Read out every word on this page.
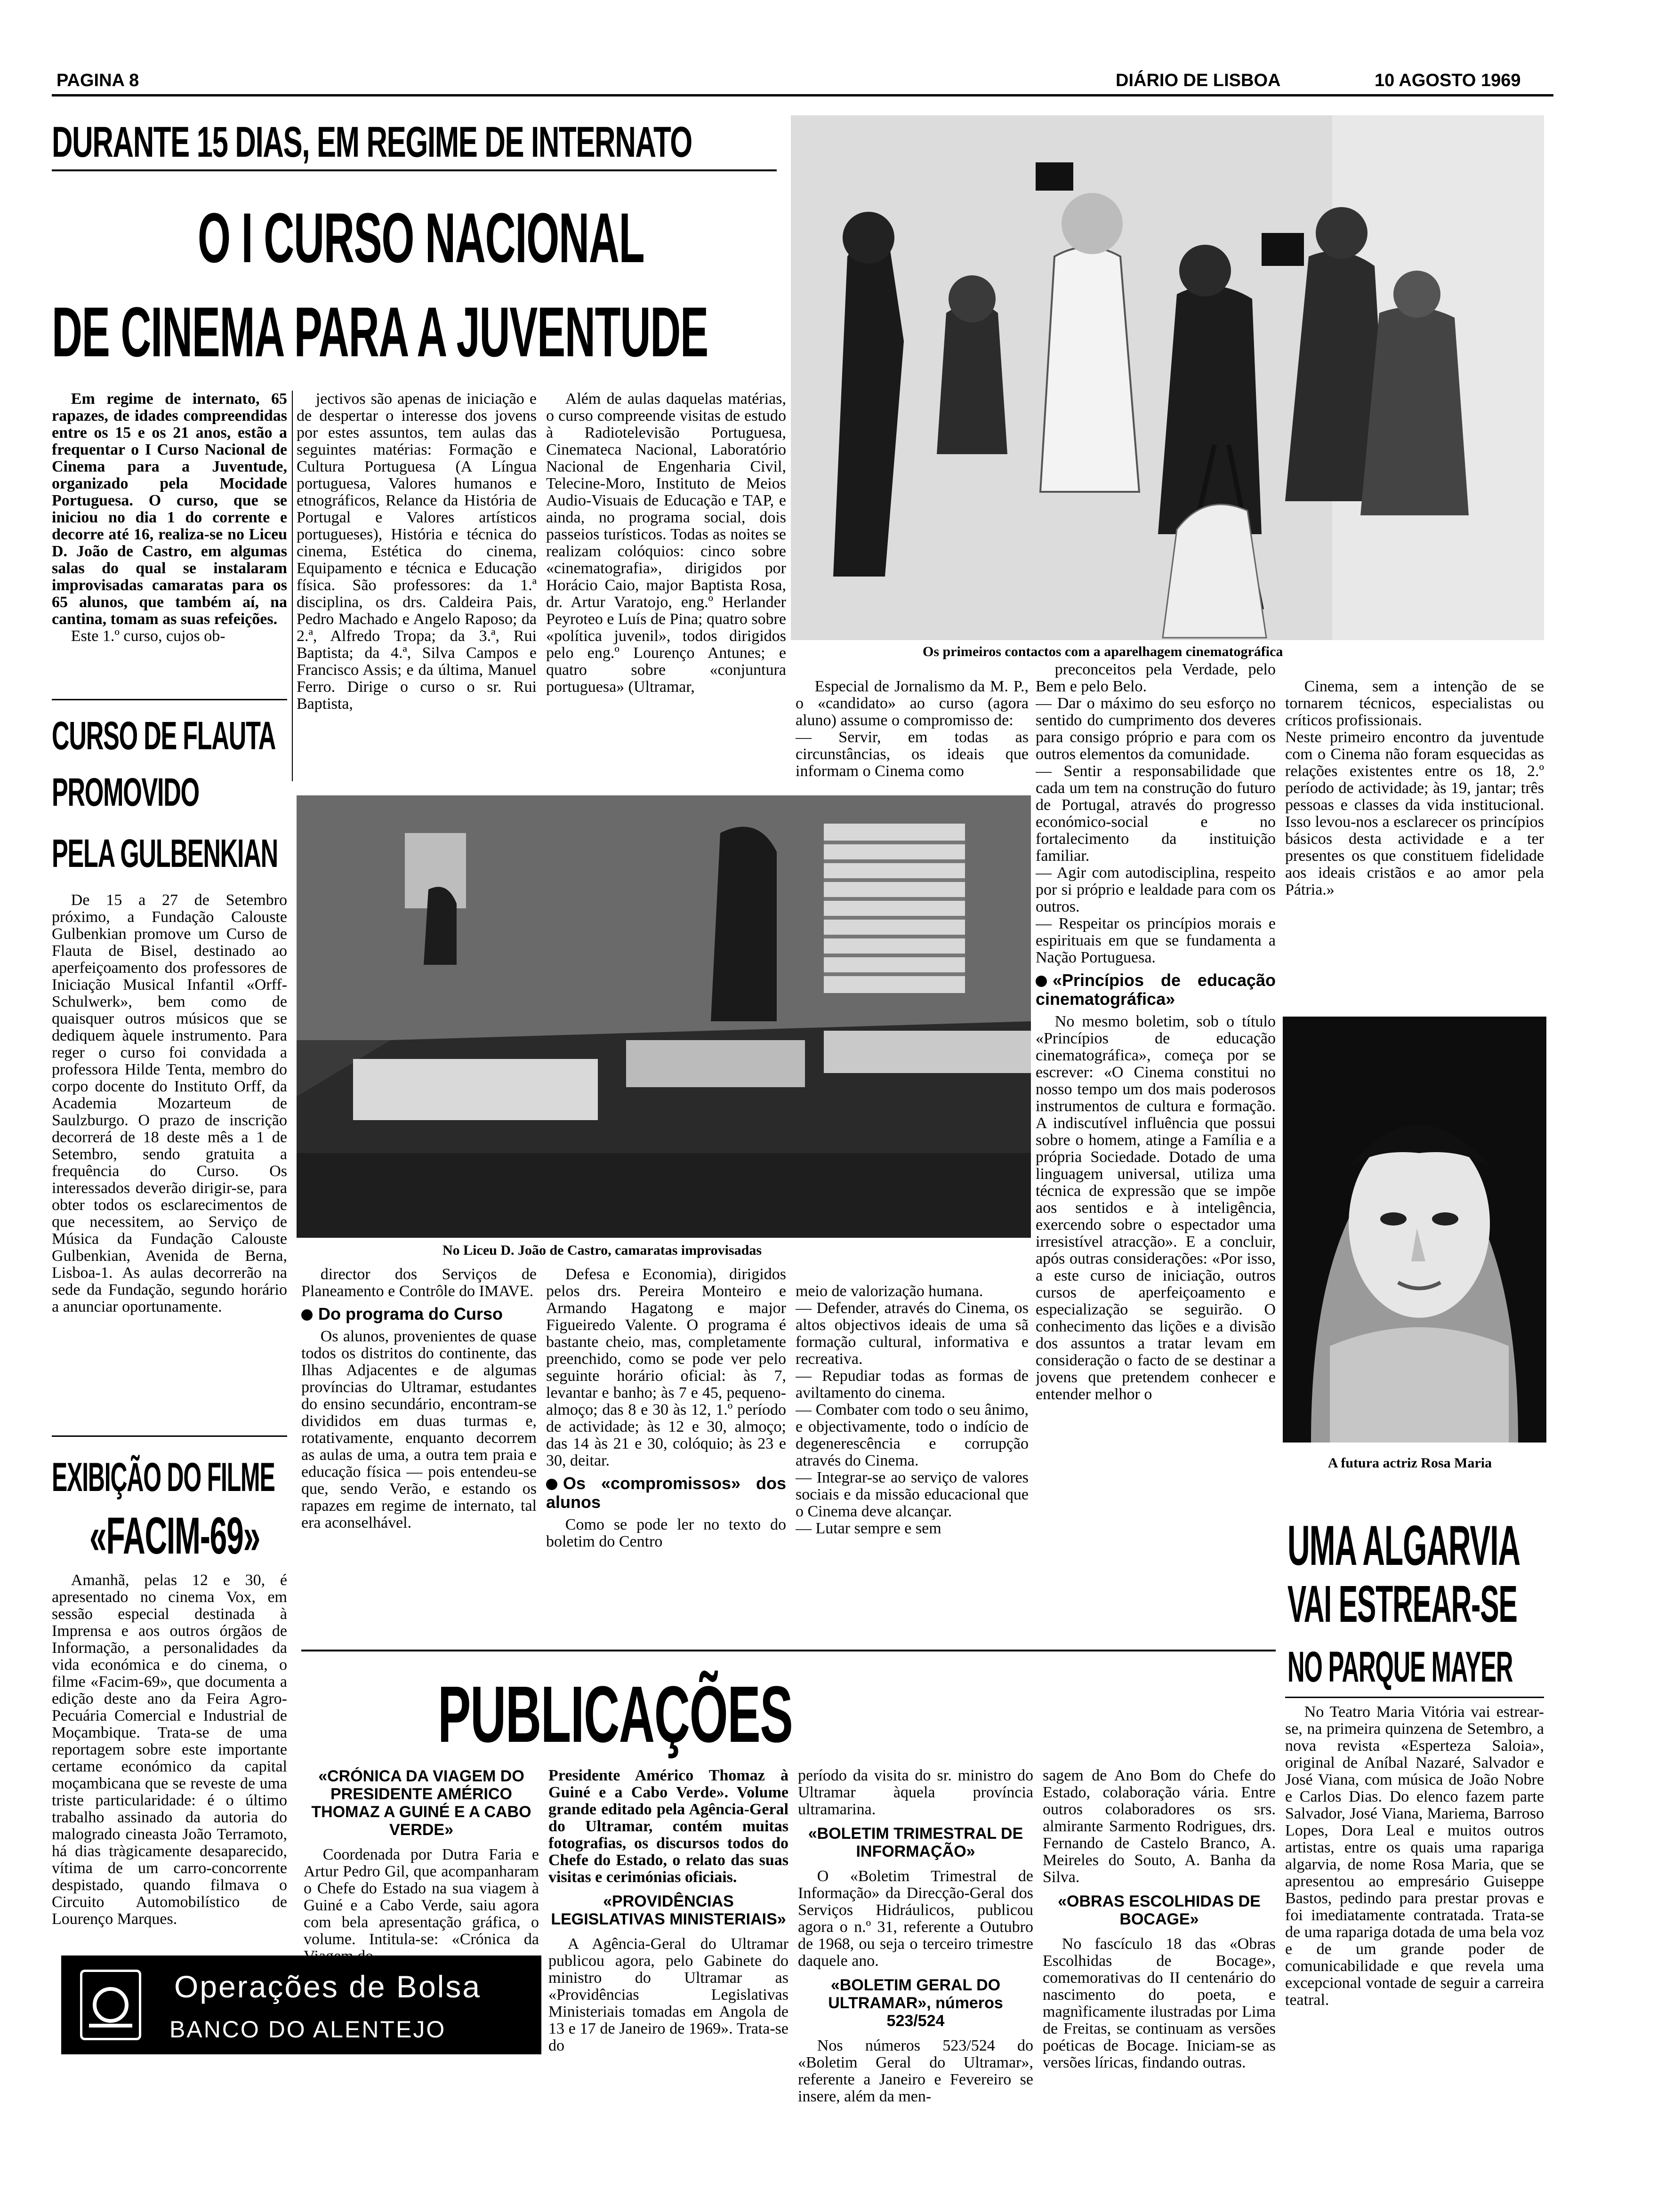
PAGINA 8	DIÁRIO DE LISBOA	10 AGOSTO 1969
DURANTE 15 DIAS, EM REGIME DE INTERNATO
O I CURSO NACIONAL
DE CINEMA PARA A JUVENTUDE
Os primeiros contactos com a aparelhagem cinematográfica

Em regime de internato, 65 rapazes, de idades compreendidas entre os 15 e os 21 anos, estão a frequentar o I Curso Nacional de Cinema para a Juventude, organizado pela Mocidade Portuguesa. O curso, que se iniciou no dia 1 do corrente e decorre até 16, realiza-se no Liceu D. João de Castro, em algumas salas do qual se instalaram improvisadas camaratas para os 65 alunos, que também aí, na cantina, tomam as suas refeições.

Este 1.º curso, cujos ob-

jectivos são apenas de iniciação e de despertar o interesse dos jovens por estes assuntos, tem aulas das seguintes matérias: Formação e Cultura Portuguesa (A Língua portuguesa, Valores humanos e etnográficos, Relance da História de Portugal e Valores artísticos portugueses), História e técnica do cinema, Estética do cinema, Equipamento e técnica e Educação física. São professores: da 1.ª disciplina, os drs. Caldeira Pais, Pedro Machado e Angelo Raposo; da 2.ª, Alfredo Tropa; da 3.ª, Rui Baptista; da 4.ª, Silva Campos e Francisco Assis; e da última, Manuel Ferro. Dirige o curso o sr. Rui Baptista,

Além de aulas daquelas matérias, o curso compreende visitas de estudo à Radiotelevisão Portuguesa, Cinemateca Nacional, Laboratório Nacional de Engenharia Civil, Telecine-Moro, Instituto de Meios Audio-Visuais de Educação e TAP, e ainda, no programa social, dois passeios turísticos. Todas as noites se realizam colóquios: cinco sobre «cinematografia», dirigidos por Horácio Caio, major Baptista Rosa, dr. Artur Varatojo, eng.º Herlander Peyroteo e Luís de Pina; quatro sobre «política juvenil», todos dirigidos pelo eng.º Lourenço Antunes; e quatro sobre «conjuntura portuguesa» (Ultramar,

CURSO DE FLAUTA
PROMOVIDO
PELA GULBENKIAN

De 15 a 27 de Setembro próximo, a Fundação Calouste Gulbenkian promove um Curso de Flauta de Bisel, destinado ao aperfeiçoamento dos professores de Iniciação Musical Infantil «Orff-Schulwerk», bem como de quaisquer outros músicos que se dediquem àquele instrumento. Para reger o curso foi convidada a professora Hilde Tenta, membro do corpo docente do Instituto Orff, da Academia Mozarteum de Saulzburgo. O prazo de inscrição decorrerá de 18 deste mês a 1 de Setembro, sendo gratuita a frequência do Curso. Os interessados deverão dirigir-se, para obter todos os esclarecimentos de que necessitem, ao Serviço de Música da Fundação Calouste Gulbenkian, Avenida de Berna, Lisboa-1. As aulas decorrerão na sede da Fundação, segundo horário a anunciar oportunamente.

EXIBIÇÃO DO FILME
«FACIM-69»

Amanhã, pelas 12 e 30, é apresentado no cinema Vox, em sessão especial destinada à Imprensa e aos outros órgãos de Informação, a personalidades da vida económica e do cinema, o filme «Facim-69», que documenta a edição deste ano da Feira Agro-Pecuária Comercial e Industrial de Moçambique. Trata-se de uma reportagem sobre este importante certame económico da capital moçambicana que se reveste de uma triste particularidade: é o último trabalho assinado da autoria do malogrado cineasta João Terramoto, há dias tràgicamente desaparecido, vítima de um carro-concorrente despistado, quando filmava o Circuito Automobilístico de Lourenço Marques.

No Liceu D. João de Castro, camaratas improvisadas

Especial de Jornalismo da M. P., o «candidato» ao curso (agora aluno) assume o compromisso de:
— Servir, em todas as circunstâncias, os ideais que informam o Cinema como

preconceitos pela Verdade, pelo Bem e pelo Belo.
— Dar o máximo do seu esforço no sentido do cumprimento dos deveres para consigo próprio e para com os outros elementos da comunidade.
— Sentir a responsabilidade que cada um tem na construção do futuro de Portugal, através do progresso económico-social e no fortalecimento da instituição familiar.
— Agir com autodisciplina, respeito por si próprio e lealdade para com os outros.
— Respeitar os princípios morais e espirituais em que se fundamenta a Nação Portuguesa.
«Princípios de educação cinematográfica»

No mesmo boletim, sob o título «Princípios de educação cinematográfica», começa por se escrever: «O Cinema constitui no nosso tempo um dos mais poderosos instrumentos de cultura e formação. A indiscutível influência que possui sobre o homem, atinge a Família e a própria Sociedade. Dotado de uma linguagem universal, utiliza uma técnica de expressão que se impõe aos sentidos e à inteligência, exercendo sobre o espectador uma irresistível atracção». E a concluir, após outras considerações: «Por isso, a este curso de iniciação, outros cursos de aperfeiçoamento e especialização se seguirão. O conhecimento das lições e a divisão dos assuntos a tratar levam em consideração o facto de se destinar a jovens que pretendem conhecer e entender melhor o

Cinema, sem a intenção de se tornarem técnicos, especialistas ou críticos profissionais.
Neste primeiro encontro da juventude com o Cinema não foram esquecidas as relações existentes entre os 18, 2.º período de actividade; às 19, jantar; três pessoas e classes da vida institucional. Isso levou-nos a esclarecer os princípios básicos desta actividade e a ter presentes os que constituem fidelidade aos ideais cristãos e ao amor pela Pátria.»

A futura actriz Rosa Maria
UMA ALGARVIA
VAI ESTREAR-SE
NO PARQUE MAYER

No Teatro Maria Vitória vai estrear-se, na primeira quinzena de Setembro, a nova revista «Esperteza Saloia», original de Aníbal Nazaré, Salvador e José Viana, com música de João Nobre e Carlos Dias. Do elenco fazem parte Salvador, José Viana, Mariema, Barroso Lopes, Dora Leal e muitos outros artistas, entre os quais uma rapariga algarvia, de nome Rosa Maria, que se apresentou ao empresário Guiseppe Bastos, pedindo para prestar provas e foi imediatamente contratada. Trata-se de uma rapariga dotada de uma bela voz e de um grande poder de comunicabilidade e que revela uma excepcional vontade de seguir a carreira teatral.

director dos Serviços de Planeamento e Contrôle do IMAVE.

Do programa do Curso

Os alunos, provenientes de quase todos os distritos do continente, das Ilhas Adjacentes e de algumas províncias do Ultramar, estudantes do ensino secundário, encontram-se divididos em duas turmas e, rotativamente, enquanto decorrem as aulas de uma, a outra tem praia e educação física — pois entendeu-se que, sendo Verão, e estando os rapazes em regime de internato, tal era aconselhável.

Defesa e Economia), dirigidos pelos drs. Pereira Monteiro e Armando Hagatong e major Figueiredo Valente. O programa é bastante cheio, mas, completamente preenchido, como se pode ver pelo seguinte horário oficial: às 7, levantar e banho; às 7 e 45, pequeno-almoço; das 8 e 30 às 12, 1.º período de actividade; às 12 e 30, almoço; das 14 às 21 e 30, colóquio; às 23 e 30, deitar.

Os «compromissos» dos alunos

Como se pode ler no texto do boletim do Centro

meio de valorização humana.
— Defender, através do Cinema, os altos objectivos ideais de uma sã formação cultural, informativa e recreativa.
— Repudiar todas as formas de aviltamento do cinema.
— Combater com todo o seu ânimo, e objectivamente, todo o indício de degenerescência e corrupção através do Cinema.
— Integrar-se ao serviço de valores sociais e da missão educacional que o Cinema deve alcançar.
— Lutar sempre e sem

PUBLICAÇÕES
«CRÓNICA DA VIAGEM DO PRESIDENTE AMÉRICO THOMAZ A GUINÉ E A CABO VERDE»

Coordenada por Dutra Faria e Artur Pedro Gil, que acompanharam o Chefe do Estado na sua viagem à Guiné e a Cabo Verde, saiu agora com bela apresentação gráfica, o volume. Intitula-se: «Crónica da

Presidente Américo Thomaz à Guiné e a Cabo Verde». Volume grande editado pela Agência-Geral do Ultramar, contém muitas fotografias, os discursos todos do Chefe do Estado, o relato das suas visitas e cerimónias oficiais.

«PROVIDÊNCIAS LEGISLATIVAS MINISTERIAIS»

A Agência-Geral do Ultramar publicou agora, pelo Gabinete do ministro do Ultramar as «Providências Legislativas Ministeriais tomadas em Angola de 13 e 17 de Janeiro de 1969». Trata-se do

período da visita do sr. ministro do Ultramar àquela província ultramarina.

«BOLETIM TRIMESTRAL DE INFORMAÇÃO»

O «Boletim Trimestral de Informação» da Direcção-Geral dos Serviços Hidráulicos, publicou agora o n.º 31, referente a Outubro de 1968, ou seja o terceiro trimestre daquele ano.

«BOLETIM GERAL DO ULTRAMAR», números 523/524

Nos números 523/524 do «Boletim Geral do Ultramar», referente a Janeiro e Fevereiro se insere, além da men-

sagem de Ano Bom do Chefe do Estado, colaboração vária. Entre outros colaboradores os srs. almirante Sarmento Rodrigues, drs. Fernando de Castelo Branco, A. Meireles do Souto, A. Banha da Silva.

«OBRAS ESCOLHIDAS DE BOCAGE»

No fascículo 18 das «Obras Escolhidas de Bocage», comemorativas do II centenário do nascimento do poeta, e magnìficamente ilustradas por Lima de Freitas, se continuam as versões poéticas de Bocage. Iniciam-se as versões líricas, findando outras.

Operações de Bolsa
BANCO DO ALENTEJO
